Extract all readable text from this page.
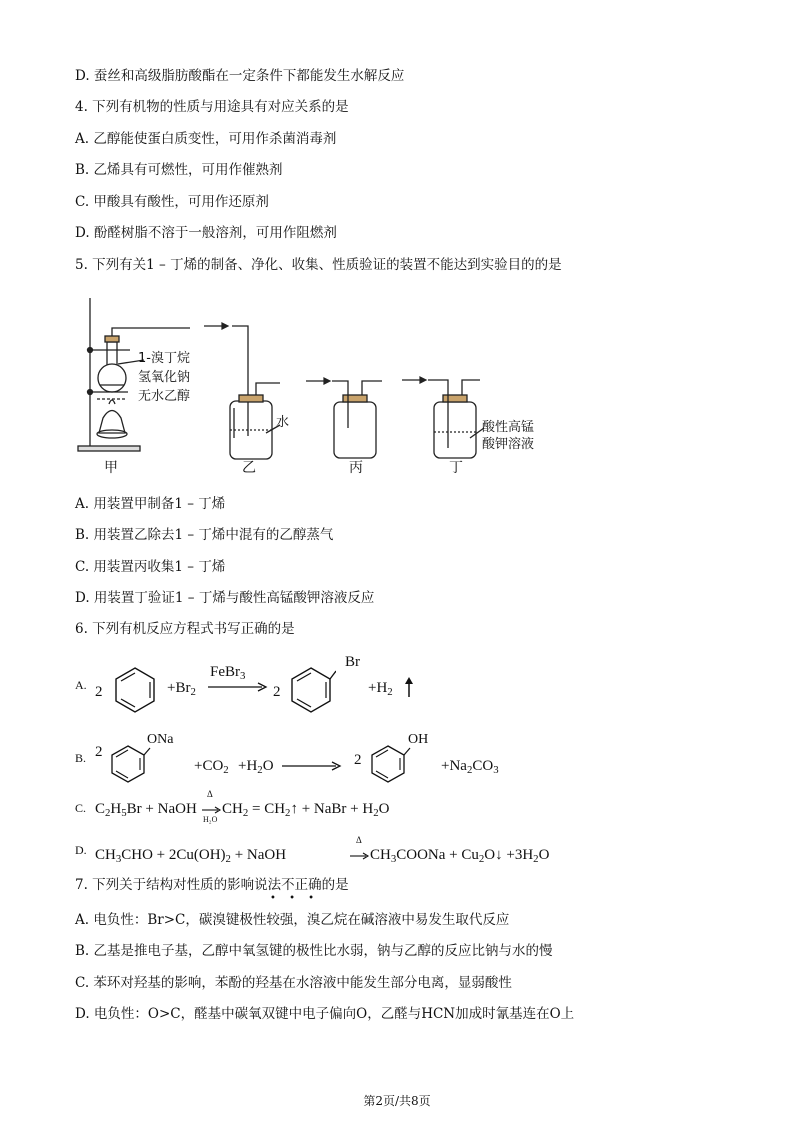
D. 蚕丝和高级脂肪酸酯在一定条件下都能发生水解反应
4. 下列有机物的性质与用途具有对应关系的是
A. 乙醇能使蛋白质变性，可用作杀菌消毒剂
B. 乙烯具有可燃性，可用作催熟剂
C. 甲酸具有酸性，可用作还原剂
D. 酚醛树脂不溶于一般溶剂，可用作阻燃剂
5. 下列有关1 – 丁烯的制备、净化、收集、性质验证的装置不能达到实验目的的是
1-溴丁烷
氢氧化钠
无水乙醇
甲
水
乙	丙
酸性高锰
酸钾溶液
丁
A. 用装置甲制备1 – 丁烯
B. 用装置乙除去1 – 丁烯中混有的乙醇蒸气
C. 用装置丙收集1 – 丁烯
D. 用装置丁验证1 – 丁烯与酸性高锰酸钾溶液反应
6. 下列有机反应方程式书写正确的是
A. 2	$+Br_2$
FeBr$_3$
2
Br
$+H_2$
B. 2
ONa
$+CO_2 +H_2O$	2
OH
$+Na_2CO_3$
C. $C_2H_5Br$ + NaOH
Δ
H₂O
$CH_2$ = $CH_2↑$ + NaBr + $H_2O$
D. $CH_3CHO + 2Cu(OH)_2$ + NaOH
Δ
$CH_3COONa$ + $Cu_2O↓ +3H_2O$
7. 下列关于结构对性质的影响说法不正确的是
• • •
A. 电负性：Br>C，碳溴键极性较强，溴乙烷在碱溶液中易发生取代反应
B. 乙基是推电子基，乙醇中氧氢键的极性比水弱，钠与乙醇的反应比钠与水的慢
C. 苯环对羟基的影响，苯酚的羟基在水溶液中能发生部分电离，显弱酸性
D. 电负性：O>C，醛基中碳氧双键中电子偏向O，乙醛与HCN加成时氰基连在O上
第2页/共8页
